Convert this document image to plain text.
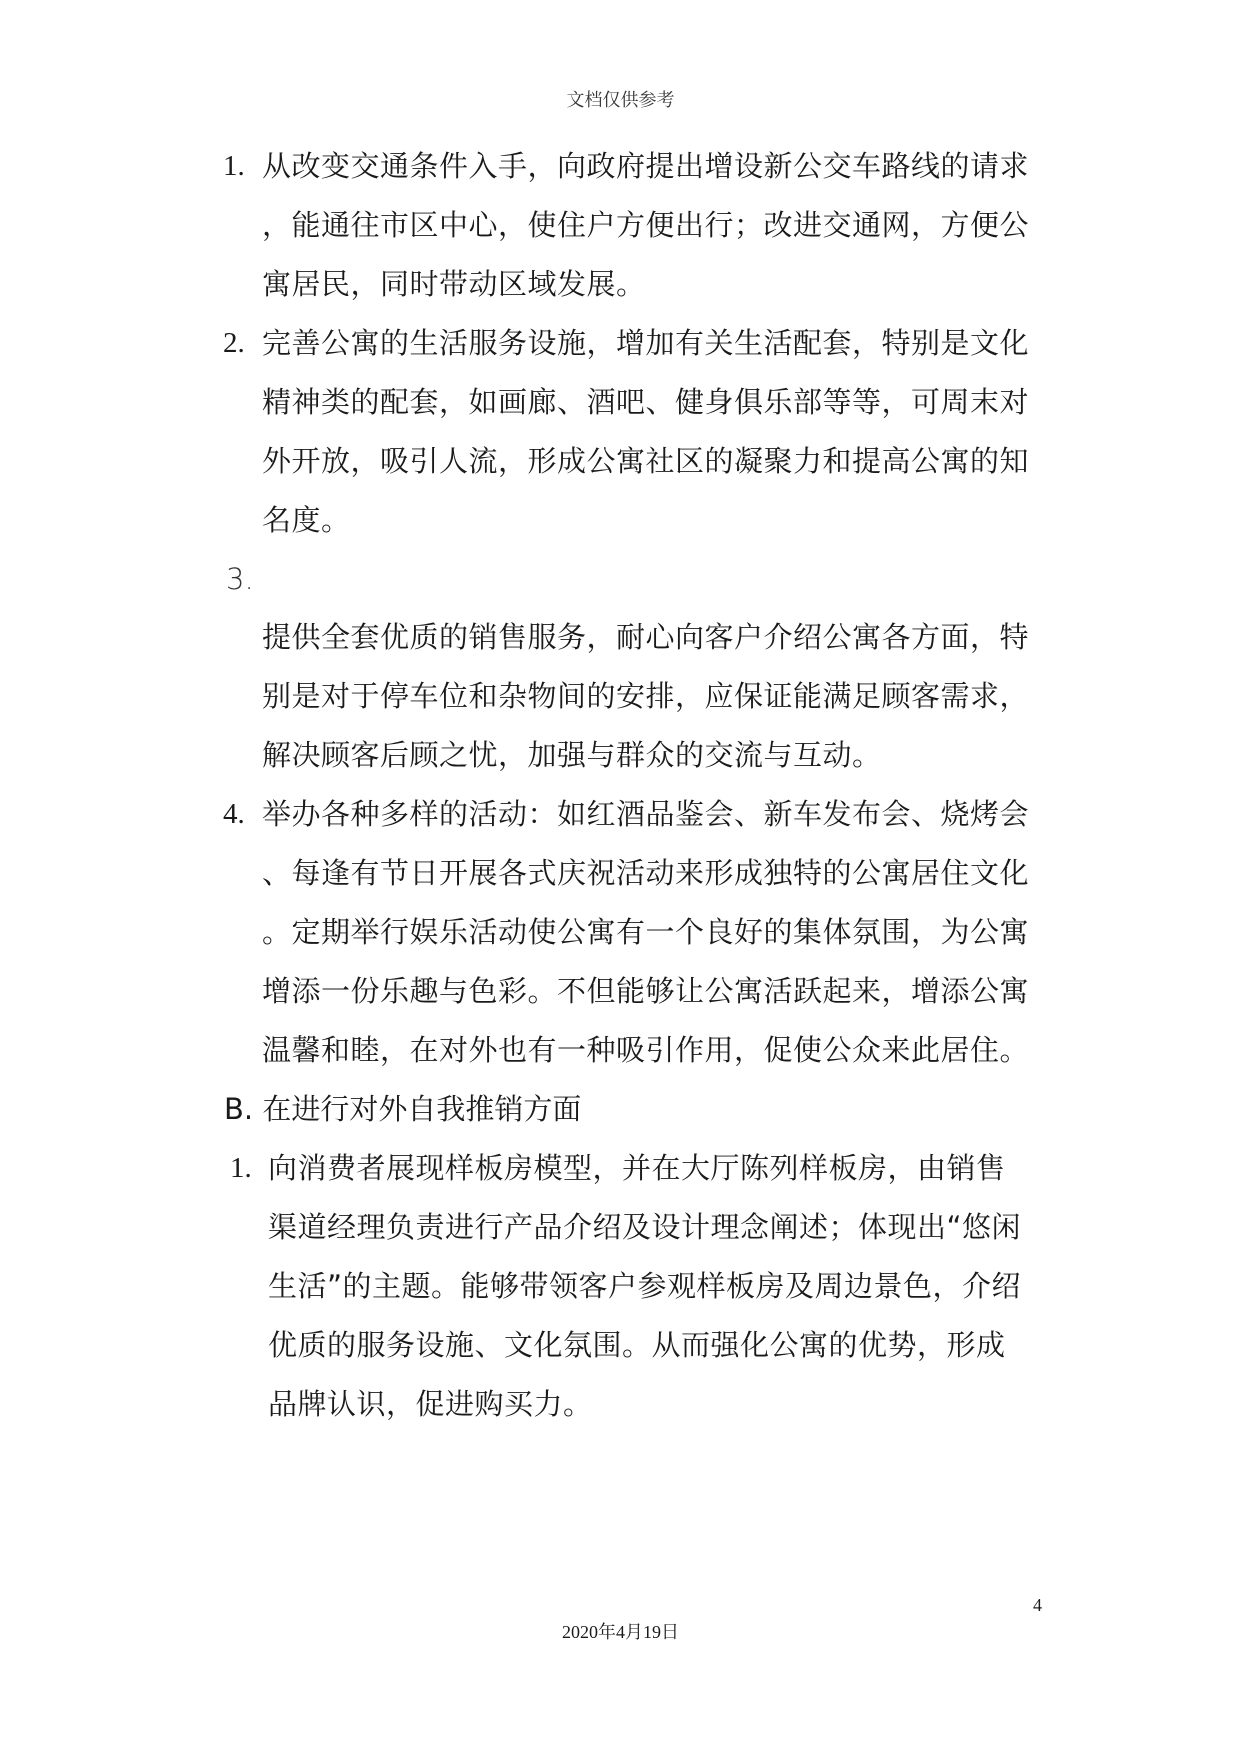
文档仅供参考
1. 从改变交通条件入手，向政府提出增设新公交车路线的请求
，能通往市区中心，使住户方便出行；改进交通网，方便公
寓居民，同时带动区域发展。
2. 完善公寓的生活服务设施，增加有关生活配套，特别是文化
精神类的配套，如画廊、酒吧、健身俱乐部等等，可周末对
外开放，吸引人流，形成公寓社区的凝聚力和提高公寓的知
名度。
3.
提供全套优质的销售服务，耐心向客户介绍公寓各方面，特
别是对于停车位和杂物间的安排，应保证能满足顾客需求，
解决顾客后顾之忧，加强与群众的交流与互动。
4. 举办各种多样的活动：如红酒品鉴会、新车发布会、烧烤会
、每逢有节日开展各式庆祝活动来形成独特的公寓居住文化
。定期举行娱乐活动使公寓有一个良好的集体氛围，为公寓
增添一份乐趣与色彩。不但能够让公寓活跃起来，增添公寓
温馨和睦，在对外也有一种吸引作用，促使公众来此居住。
B. 在进行对外自我推销方面
1. 向消费者展现样板房模型，并在大厅陈列样板房，由销售
渠道经理负责进行产品介绍及设计理念阐述；体现出“悠闲
生活”的主题。能够带领客户参观样板房及周边景色，介绍
优质的服务设施、文化氛围。从而强化公寓的优势，形成
品牌认识，促进购买力。
4
2020年4月19日
